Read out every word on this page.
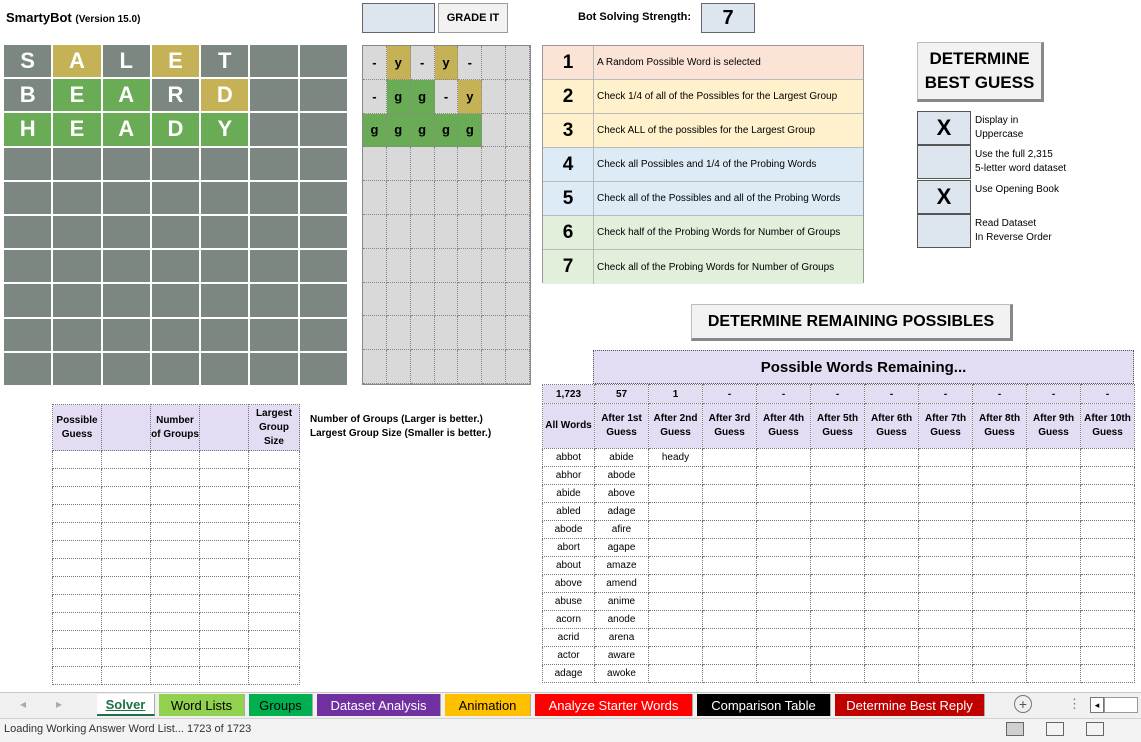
SmartyBot (Version 15.0)	GRADE IT	Bot Solving Strength:	7
S	A	L	E	T
B	E	A	R	D
H	E	A	D	Y
-	y	-	y	-
-	g	g	-	y
g	g	g	g	g
1	A Random Possible Word is selected
2	Check 1/4 of all of the Possibles for the Largest Group
3	Check ALL of the possibles for the Largest Group
4	Check all Possibles and 1/4 of the Probing Words
5	Check all of the Possibles and all of the Probing Words
6	Check half of the Probing Words for Number of Groups
7	Check all of the Probing Words for Number of Groups
DETERMINE
BEST GUESS
X	Display in
Uppercase
Use the full 2,315
5-letter word dataset
X	Use Opening Book
Read Dataset
In Reverse Order
DETERMINE REMAINING POSSIBLES
Possible Words Remaining...
1,723	57	1	-	-	-	-	-	-	-	-
All Words	After 1st Guess	After 2nd Guess	After 3rd Guess	After 4th Guess	After 5th Guess	After 6th Guess	After 7th Guess	After 8th Guess	After 9th Guess	After 10th Guess
abbot	abide	heady								
abhor	abode									
abide	above									
abled	adage									
abode	afire									
abort	agape									
about	amaze									
above	amend									
abuse	anime									
acorn	anode									
acrid	arena									
actor	aware									
adage	awoke									
Possible Guess		Number of Groups		Largest Group Size

Number of Groups (Larger is better.)
Largest Group Size (Smaller is better.)
◂ ▸	Solver	Word Lists	Groups	Dataset Analysis	Animation	Analyze Starter Words	Comparison Table	Determine Best Reply	+	⋮	◂
Loading Working Answer Word List... 1723 of 1723
